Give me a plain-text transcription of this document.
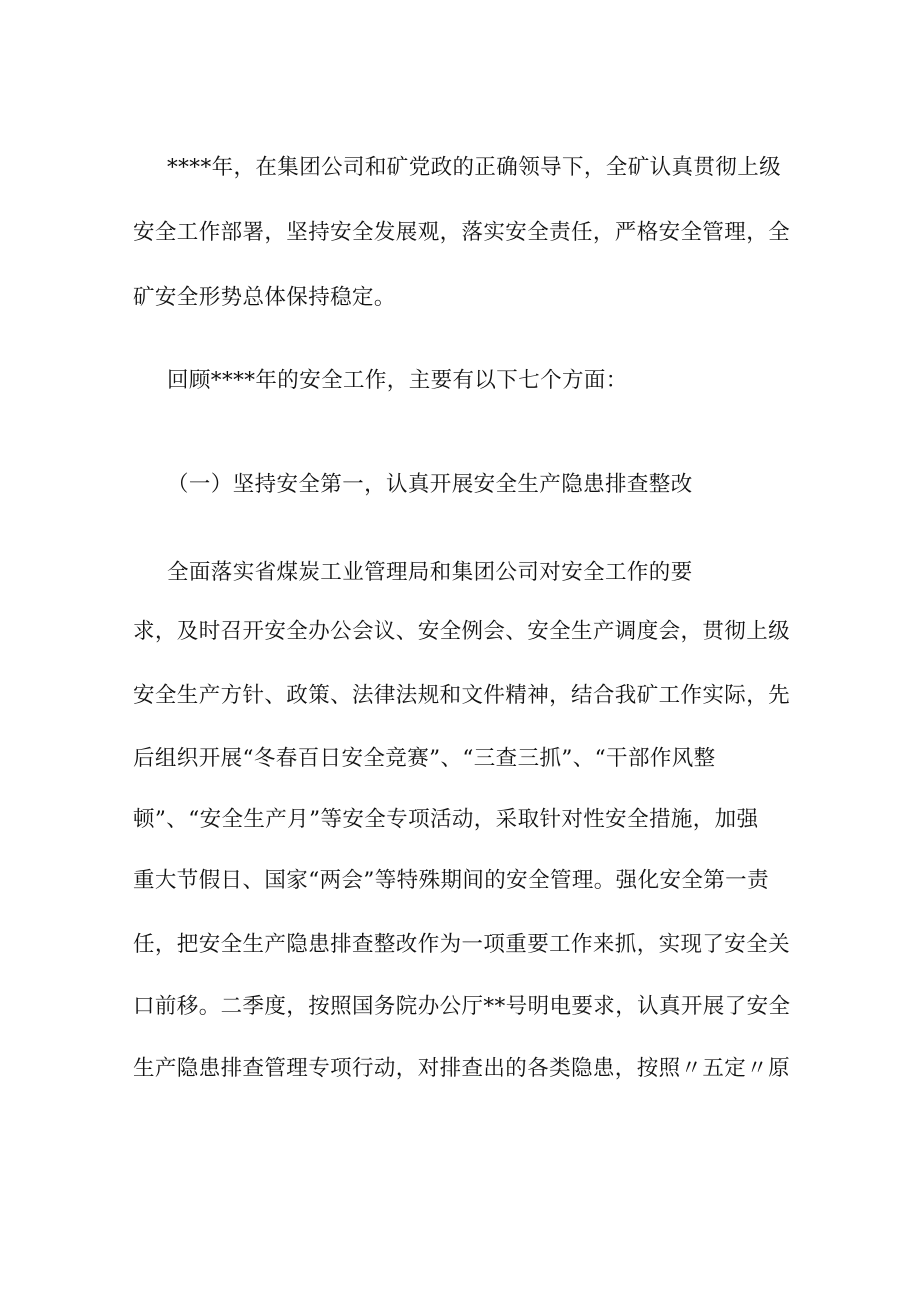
****年，在集团公司和矿党政的正确领导下，全矿认真贯彻上级
安全工作部署，坚持安全发展观，落实安全责任，严格安全管理，全
矿安全形势总体保持稳定。
回顾****年的安全工作，主要有以下七个方面：
（一）坚持安全第一，认真开展安全生产隐患排查整改
全面落实省煤炭工业管理局和集团公司对安全工作的要
求，及时召开安全办公会议、安全例会、安全生产调度会，贯彻上级
安全生产方针、政策、法律法规和文件精神，结合我矿工作实际，先
后组织开展“冬春百日安全竞赛”、“三查三抓”、“干部作风整
顿”、“安全生产月”等安全专项活动，采取针对性安全措施，加强
重大节假日、国家“两会”等特殊期间的安全管理。强化安全第一责
任，把安全生产隐患排查整改作为一项重要工作来抓，实现了安全关
口前移。二季度，按照国务院办公厅**号明电要求，认真开展了安全
生产隐患排查管理专项行动，对排查出的各类隐患，按照〃五定〃原
